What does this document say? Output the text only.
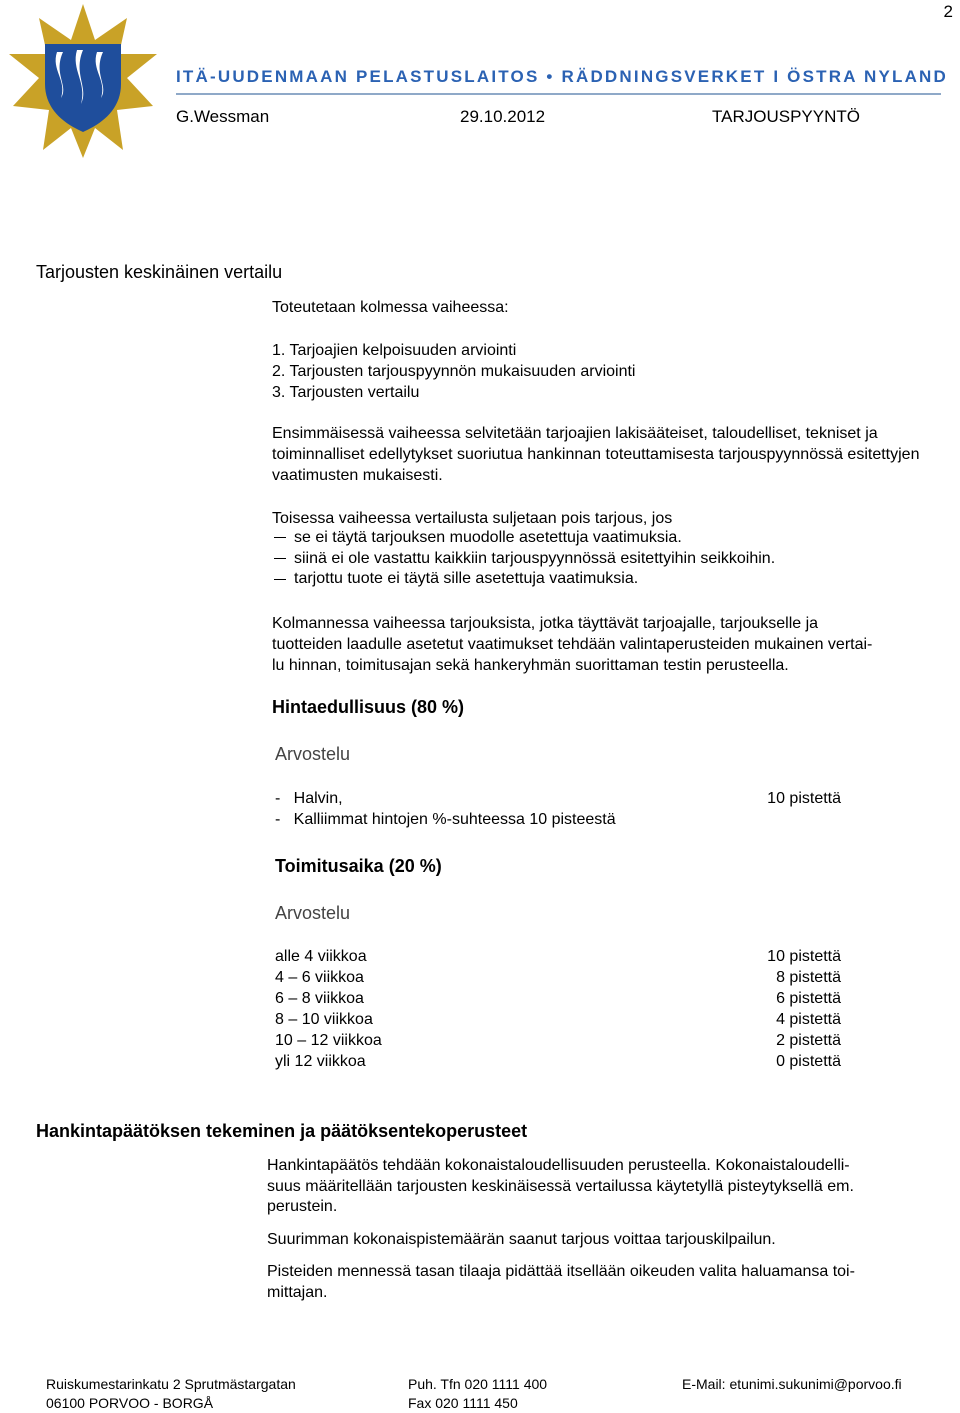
2
ITÄ-UUDENMAAN PELASTUSLAITOS • RÄDDNINGSVERKET I ÖSTRA NYLAND
G.Wessman	29.10.2012	TARJOUSPYYNTÖ
Tarjousten keskinäinen vertailu
Toteutetaan kolmessa vaiheessa:

1. Tarjoajien kelpoisuuden arviointi

2. Tarjousten tarjouspyynnön mukaisuuden arviointi

3. Tarjousten vertailu

Ensimmäisessä vaiheessa selvitetään tarjoajien lakisääteiset, taloudelliset, tekniset ja toiminnalliset edellytykset suoriutua hankinnan toteuttamisesta tarjouspyynnössä esitettyjen vaatimusten mukaisesti.
Toisessa vaiheessa vertailusta suljetaan pois tarjous, jos
se ei täytä tarjouksen muodolle asetettuja vaatimuksia.
siinä ei ole vastattu kaikkiin tarjouspyynnössä esitettyihin seikkoihin.
tarjottu tuote ei täytä sille asetettuja vaatimuksia.

Kolmannessa vaiheessa tarjouksista, jotka täyttävät tarjoajalle, tarjoukselle ja

tuotteiden laadulle asetetut vaatimukset tehdään valintaperusteiden mukainen vertai-

lu hinnan, toimitusajan sekä hankeryhmän suorittaman testin perusteella.

Hintaedullisuus (80 %)
Arvostelu
-   Halvin,	10 pistettä
-   Kalliimmat hintojen %-suhteessa 10 pisteestä
Toimitusaika (20 %)
Arvostelu
alle 4 viikkoa	10 pistettä
4 – 6 viikkoa	8 pistettä
6 – 8 viikkoa	6 pistettä
8 – 10 viikkoa	4 pistettä
10 – 12 viikkoa	2 pistettä
yli 12 viikkoa	0 pistettä
Hankintapäätöksen tekeminen ja päätöksentekoperusteet

Hankintapäätös tehdään kokonaistaloudellisuuden perusteella. Kokonaistaloudelli-
suus määritellään tarjousten keskinäisessä vertailussa käytetyllä pisteytyksellä em.
perustein.

Suurimman kokonaispistemäärän saanut tarjous voittaa tarjouskilpailun.

Pisteiden mennessä tasan tilaaja pidättää itsellään oikeuden valita haluamansa toi-
mittajan.

Ruiskumestarinkatu 2 Sprutmästargatan
06100 PORVOO - BORGÅ
Puh. Tfn 020 1111 400
Fax 020 1111 450
E-Mail: etunimi.sukunimi@porvoo.fi
